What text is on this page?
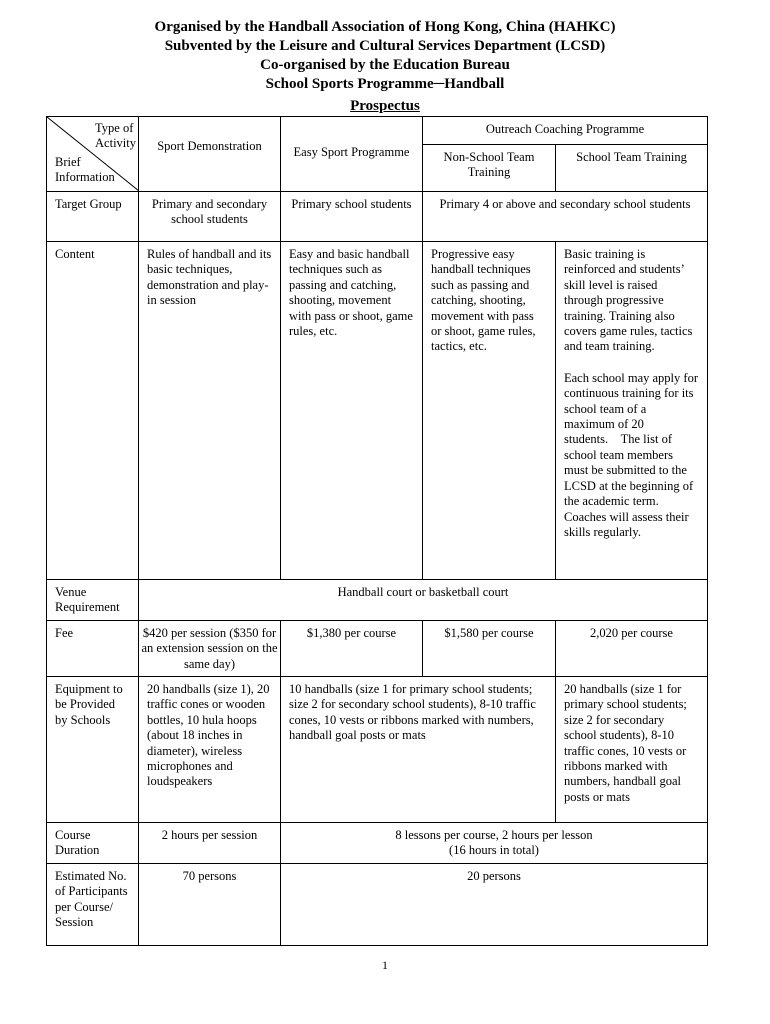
Organised by the Handball Association of Hong Kong, China (HAHKC)
Subvented by the Leisure and Cultural Services Department (LCSD)
Co-organised by the Education Bureau
School Sports Programme─Handball
Prospectus
Type of
Activity
Brief
Information	Sport Demonstration	Easy Sport Programme	Outreach Coaching Programme	
			Non-School Team Training	School Team Training
Target Group	Primary and secondary school students	Primary school students	Primary 4 or above and secondary school students	
Content	Rules of handball and its basic techniques, demonstration and play-in session	Easy and basic handball techniques such as passing and catching, shooting, movement with pass or shoot, game rules, etc.	Progressive easy handball techniques such as passing and catching, shooting, movement with pass or shoot, game rules, tactics, etc.	Basic training is reinforced and students’ skill level is raised through progressive training. Training also covers game rules, tactics and team training.
Each school may apply for continuous training for its school team of a maximum of 20 students. The list of school team members must be submitted to the LCSD at the beginning of the academic term. Coaches will assess their skills regularly.

Venue Requirement	Handball court or basketball court			
Fee	$420 per session ($350 for an extension session on the same day)	$1,380 per course	$1,580 per course	2,020 per course
Equipment to be Provided by Schools	20 handballs (size 1), 20 traffic cones or wooden bottles, 10 hula hoops (about 18 inches in diameter), wireless microphones and loudspeakers	10 handballs (size 1 for primary school students; size 2 for secondary school students), 8-10 traffic cones, 10 vests or ribbons marked with numbers, handball goal posts or mats		20 handballs (size 1 for primary school students; size 2 for secondary school students), 8-10 traffic cones, 10 vests or ribbons marked with numbers, handball goal posts or mats
Course Duration	2 hours per session	8 lessons per course, 2 hours per lesson
(16 hours in total)		

Estimated No. of Participants per Course/ Session	70 persons	20 persons		
1
